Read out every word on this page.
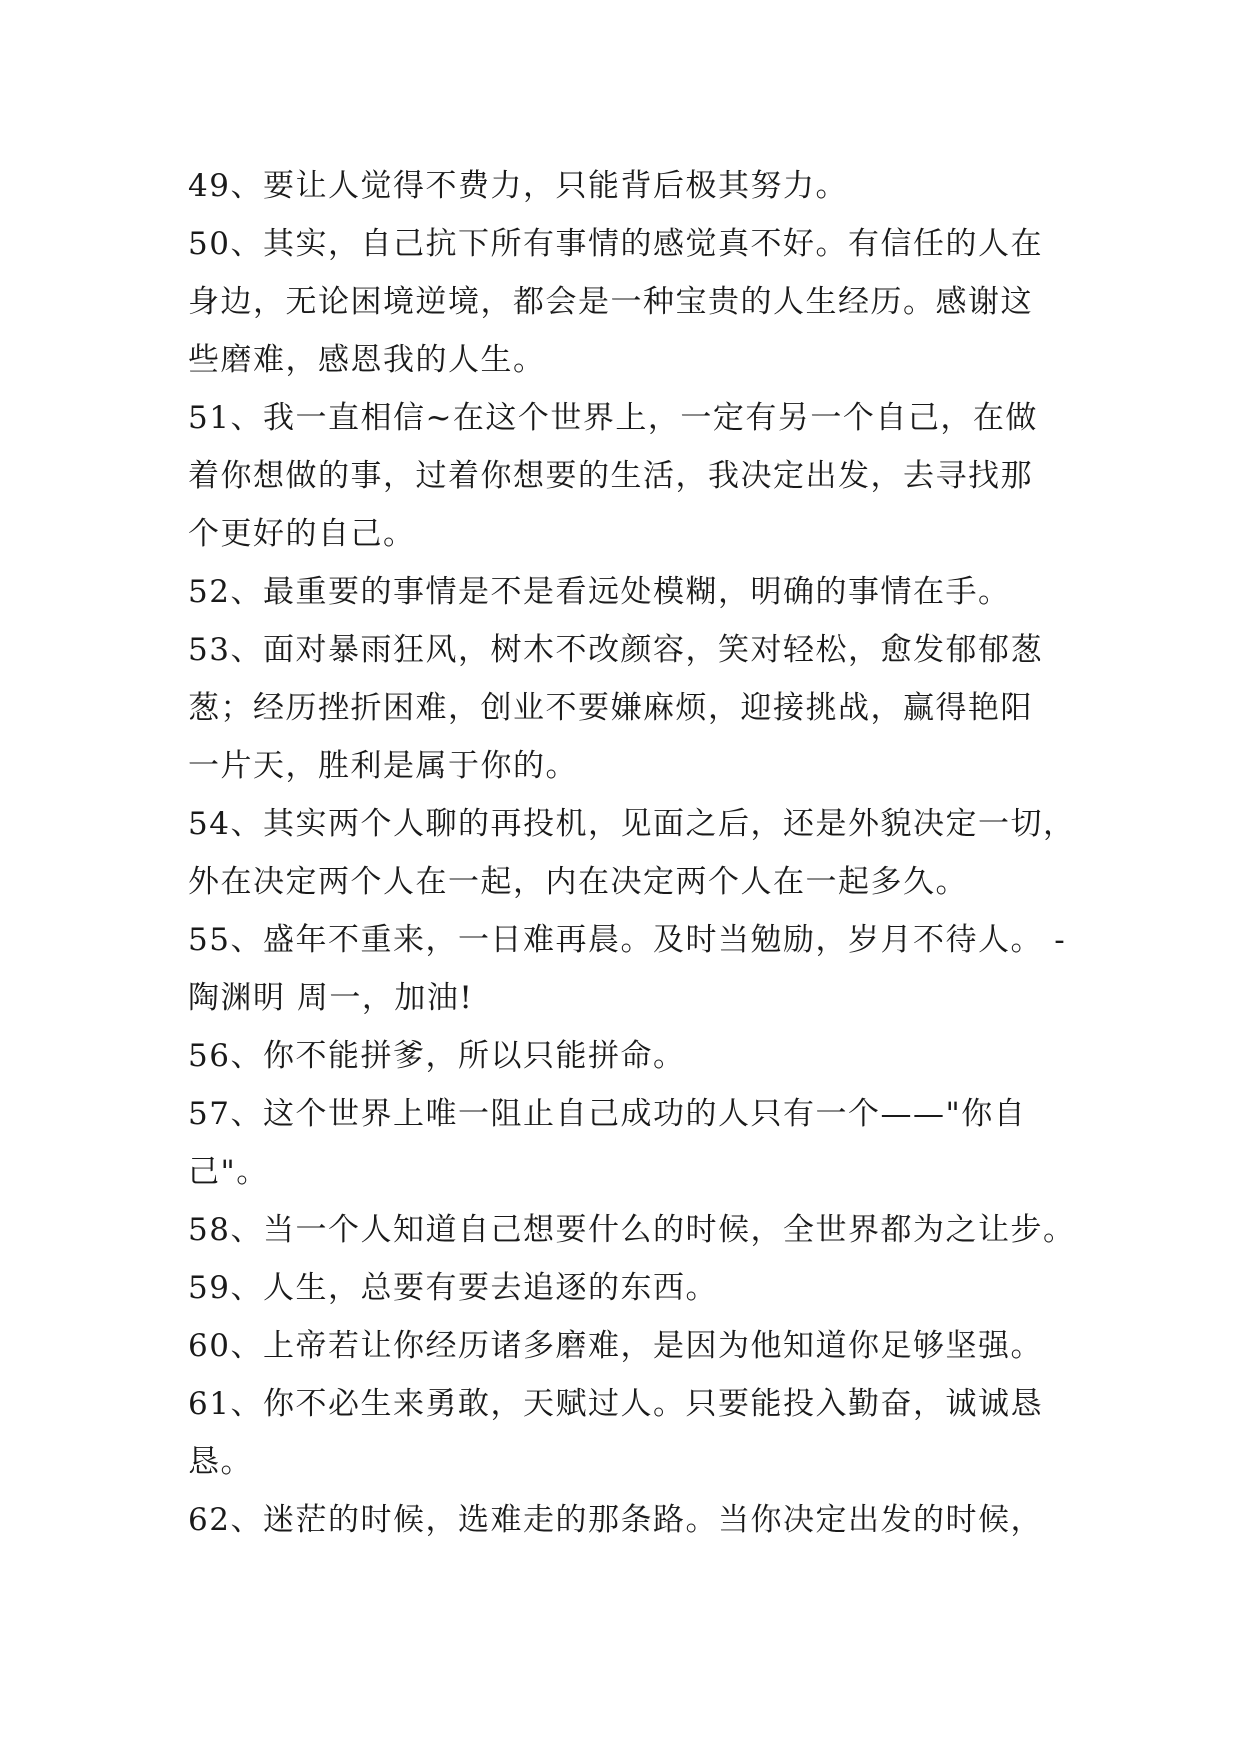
49、要让人觉得不费力，只能背后极其努力。
50、其实，自己抗下所有事情的感觉真不好。有信任的人在
身边，无论困境逆境，都会是一种宝贵的人生经历。感谢这
些磨难，感恩我的人生。
51、我一直相信~在这个世界上，一定有另一个自己，在做
着你想做的事，过着你想要的生活，我决定出发，去寻找那
个更好的自己。
52、最重要的事情是不是看远处模糊，明确的事情在手。
53、面对暴雨狂风，树木不改颜容，笑对轻松，愈发郁郁葱
葱；经历挫折困难，创业不要嫌麻烦，迎接挑战，赢得艳阳
一片天，胜利是属于你的。
54、其实两个人聊的再投机，见面之后，还是外貌决定一切，
外在决定两个人在一起，内在决定两个人在一起多久。
55、盛年不重来，一日难再晨。及时当勉励，岁月不待人。 -
陶渊明 周一，加油!
56、你不能拼爹，所以只能拼命。
57、这个世界上唯一阻止自己成功的人只有一个——"你自
己"。
58、当一个人知道自己想要什么的时候，全世界都为之让步。
59、人生，总要有要去追逐的东西。
60、上帝若让你经历诸多磨难，是因为他知道你足够坚强。
61、你不必生来勇敢，天赋过人。只要能投入勤奋，诚诚恳
恳。
62、迷茫的时候，选难走的那条路。当你决定出发的时候，
